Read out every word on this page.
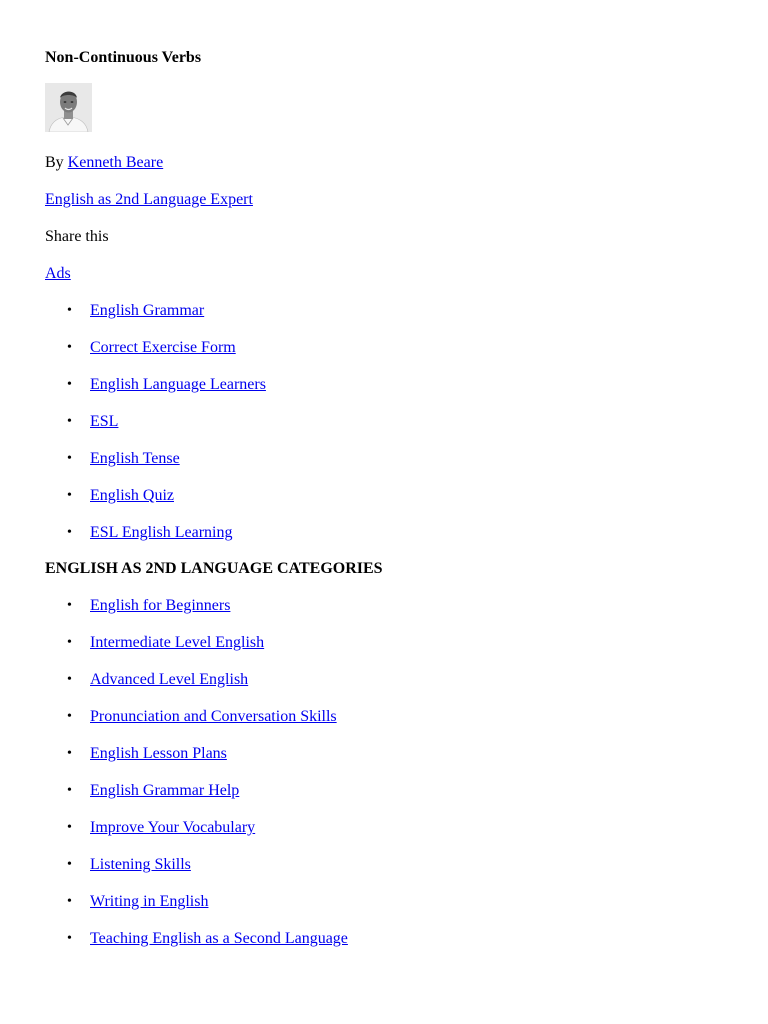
Non-Continuous Verbs

By Kenneth Beare

English as 2nd Language Expert

Share this

Ads

• English Grammar
• Correct Exercise Form
• English Language Learners
• ESL
• English Tense
• English Quiz
• ESL English Learning
ENGLISH AS 2ND LANGUAGE CATEGORIES
• English for Beginners
• Intermediate Level English
• Advanced Level English
• Pronunciation and Conversation Skills
• English Lesson Plans
• English Grammar Help
• Improve Your Vocabulary
• Listening Skills
• Writing in English
• Teaching English as a Second Language
